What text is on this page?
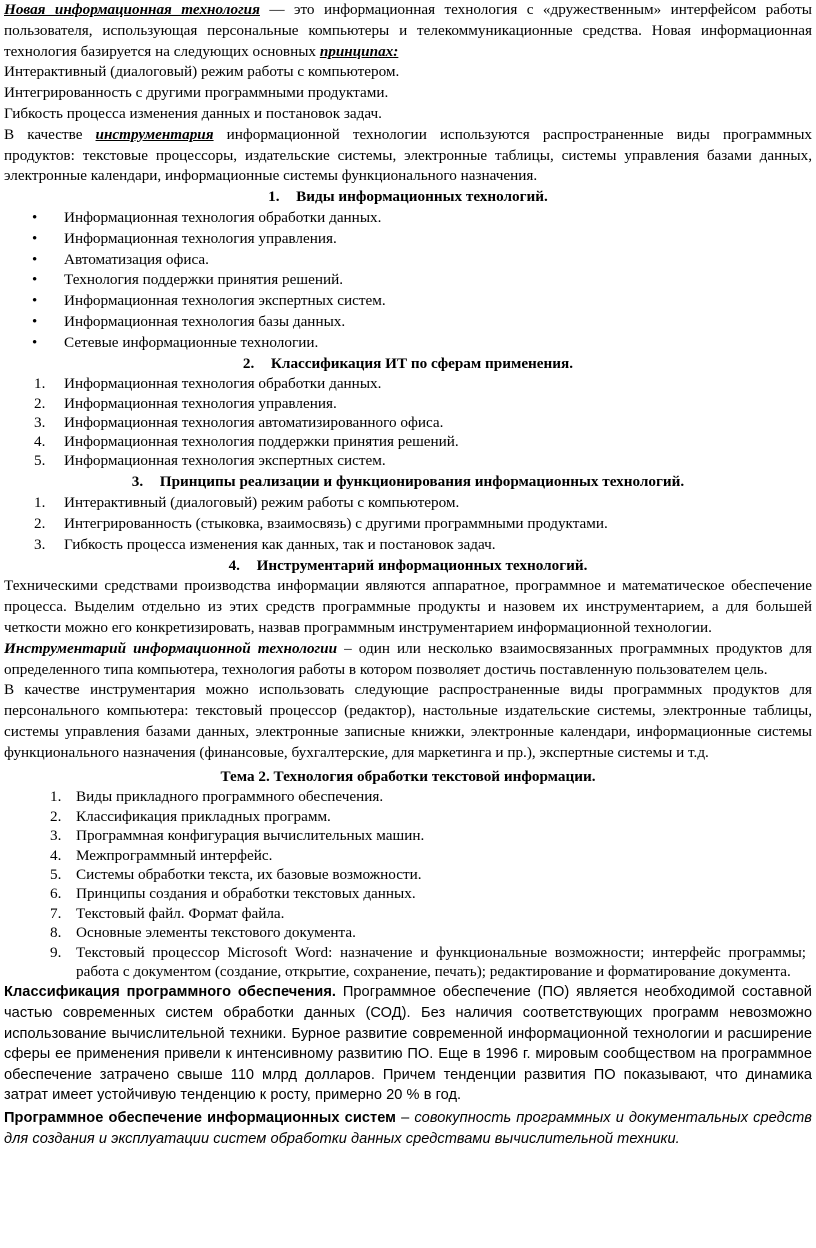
Новая информационная технология — это информационная технология с «дружественным» интерфейсом работы пользователя, использующая персональные компьютеры и телекоммуникационные средства. Новая информационная технология базируется на следующих основных принципах:

Интерактивный (диалоговый) режим работы с компьютером.

Интегрированность с другими программными продуктами.

Гибкость процесса изменения данных и постановок задач.

В качестве инструментария информационной технологии используются распространенные виды программных продуктов: текстовые процессоры, издательские системы, электронные таблицы, системы управления базами данных, электронные календари, информационные системы функционального назначения.

1. Виды информационных технологий.

• Информационная технология обработки данных.
• Информационная технология управления.
• Автоматизация офиса.
• Технология поддержки принятия решений.
• Информационная технология экспертных систем.
• Информационная технология базы данных.
• Сетевые информационные технологии.

2. Классификация ИТ по сферам применения.

1. Информационная технология обработки данных.
2. Информационная технология управления.
3. Информационная технология автоматизированного офиса.
4. Информационная технология поддержки принятия решений.
5. Информационная технология экспертных систем.

3. Принципы реализации и функционирования информационных технологий.

1. Интерактивный (диалоговый) режим работы с компьютером.
2. Интегрированность (стыковка, взаимосвязь) с другими программными продуктами.
3. Гибкость процесса изменения как данных, так и постановок задач.

4. Инструментарий информационных технологий.

Техническими средствами производства информации являются аппаратное, программное и математическое обеспечение процесса. Выделим отдельно из этих средств программные продукты и назовем их инструментарием, а для большей четкости можно его конкретизировать, назвав программным инструментарием информационной технологии.

Инструментарий информационной технологии – один или несколько взаимосвязанных программных продуктов для определенного типа компьютера, технология работы в котором позволяет достичь поставленную пользователем цель.

В качестве инструментария можно использовать следующие распространенные виды программных продуктов для персонального компьютера: текстовый процессор (редактор), настольные издательские системы, электронные таблицы, системы управления базами данных, электронные записные книжки, электронные календари, информационные системы функционального назначения (финансовые, бухгалтерские, для маркетинга и пр.), экспертные системы и т.д.

Тема 2. Технология обработки текстовой информации.

1. Виды прикладного программного обеспечения.
2. Классификация прикладных программ.
3. Программная конфигурация вычислительных машин.
4. Межпрограммный интерфейс.
5. Системы обработки текста, их базовые возможности.
6. Принципы создания и обработки текстовых данных.
7. Текстовый файл. Формат файла.
8. Основные элементы текстового документа.
9. Текстовый процессор Microsoft Word: назначение и функциональные возможности; интерфейс программы; работа с документом (создание, открытие, сохранение, печать); редактирование и форматирование документа.

Классификация программного обеспечения. Программное обеспечение (ПО) является необходимой составной частью современных систем обработки данных (СОД). Без наличия соответствующих программ невозможно использование вычислительной техники. Бурное развитие современной информационной технологии и расширение сферы ее применения привели к интенсивному развитию ПО. Еще в 1996 г. мировым сообществом на программное обеспечение затрачено свыше 110 млрд долларов. Причем тенденции развития ПО показывают, что динамика затрат имеет устойчивую тенденцию к росту, примерно 20 % в год.

Программное обеспечение информационных систем – совокупность программных и документальных средств для создания и эксплуатации систем обработки данных средствами вычислительной техники.
